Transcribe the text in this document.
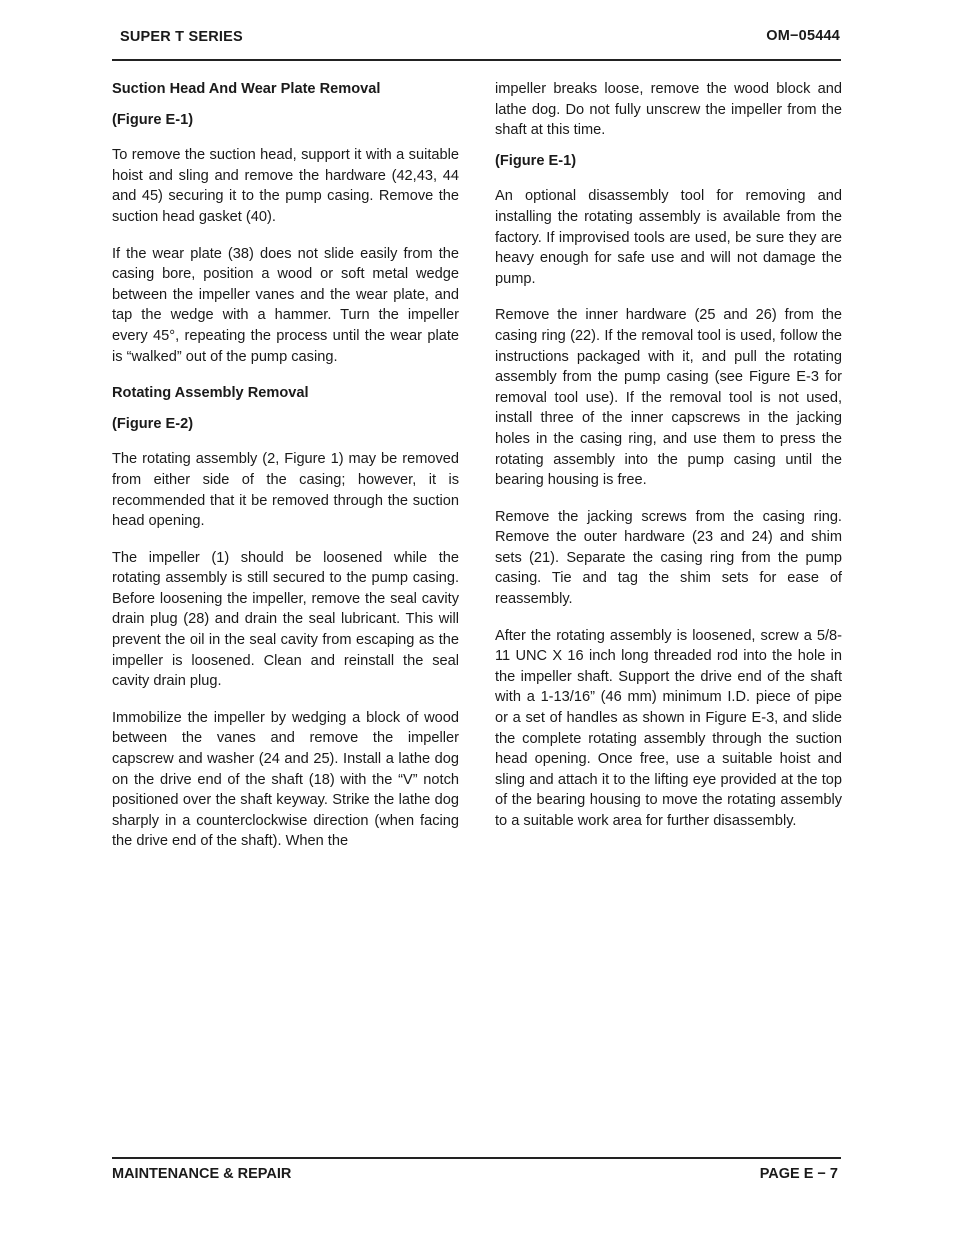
SUPER T SERIES	OM−05444

Suction Head And Wear Plate Removal

(Figure E-1)

To remove the suction head, support it with a suitable hoist and sling and remove the hardware (42,43, 44 and 45) securing it to the pump casing. Remove the suction head gasket (40).

If the wear plate (38) does not slide easily from the casing bore, position a wood or soft metal wedge between the impeller vanes and the wear plate, and tap the wedge with a hammer. Turn the impeller every 45°, repeating the process until the wear plate is “walked” out of the pump casing.

Rotating Assembly Removal

(Figure E-2)

The rotating assembly (2, Figure 1) may be removed from either side of the casing; however, it is recommended that it be removed through the suction head opening.

The impeller (1) should be loosened while the rotating assembly is still secured to the pump casing. Before loosening the impeller, remove the seal cavity drain plug (28) and drain the seal lubricant. This will prevent the oil in the seal cavity from escaping as the impeller is loosened. Clean and reinstall the seal cavity drain plug.

Immobilize the impeller by wedging a block of wood between the vanes and remove the impeller capscrew and washer (24 and 25). Install a lathe dog on the drive end of the shaft (18) with the “V” notch positioned over the shaft keyway. Strike the lathe dog sharply in a counterclockwise direction (when facing the drive end of the shaft). When the

impeller breaks loose, remove the wood block and lathe dog. Do not fully unscrew the impeller from the shaft at this time.

(Figure E-1)

An optional disassembly tool for removing and installing the rotating assembly is available from the factory. If improvised tools are used, be sure they are heavy enough for safe use and will not damage the pump.

Remove the inner hardware (25 and 26) from the casing ring (22). If the removal tool is used, follow the instructions packaged with it, and pull the rotating assembly from the pump casing (see Figure E-3 for removal tool use). If the removal tool is not used, install three of the inner capscrews in the jacking holes in the casing ring, and use them to press the rotating assembly into the pump casing until the bearing housing is free.

Remove the jacking screws from the casing ring. Remove the outer hardware (23 and 24) and shim sets (21). Separate the casing ring from the pump casing. Tie and tag the shim sets for ease of reassembly.

After the rotating assembly is loosened, screw a 5/8-11 UNC X 16 inch long threaded rod into the hole in the impeller shaft. Support the drive end of the shaft with a 1-13/16” (46 mm) minimum I.D. piece of pipe or a set of handles as shown in Figure E-3, and slide the complete rotating assembly through the suction head opening. Once free, use a suitable hoist and sling and attach it to the lifting eye provided at the top of the bearing housing to move the rotating assembly to a suitable work area for further disassembly.

MAINTENANCE & REPAIR	PAGE E − 7
